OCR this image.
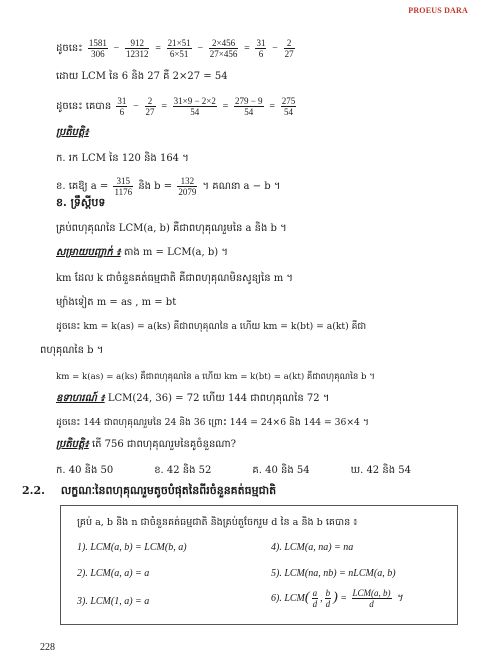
PROEUS DARA
ដូចនេះ $\frac{1581}{306} - \frac{912}{12312} = \frac{21\times 51}{6\times 51} - \frac{2\times 456}{27\times 456} = \frac{31}{6} - \frac{2}{27}$
ដោយ LCM នៃ 6 និង 27 គឺ 2×27 = 54
ដូចនេះ គេបាន $\frac{31}{6} - \frac{2}{27} = \frac{31\times 9 - 2\times 2}{54} = \frac{279 - 9}{54} = \frac{275}{54}$
ប្រតិបត្តិ៖
ក. រក LCM នៃ 120 និង 164 ។
ខ. គេឱ្យ $a = \frac{315}{1176}$ និង $b = \frac{132}{2079}$ ។ គណនា a − b ។
ខ. ទ្រឹស្ដីបទ
គ្រប់ពហុគុណនៃ LCM(a, b) គឺជាពហុគុណរួមនៃ a និង b ។
សម្រាយបញ្ជាក់ ៖ តាង m = LCM(a, b) ។
km ដែល k ជាចំនួនគត់ធម្មជាតិ គឺជាពហុគុណមិនសូន្យនៃ m ។
ម្យ៉ាងទៀត m = as , m = bt
ដូចនេះ km = k(as) = a(ks) គឺជាពហុគុណនៃ a ហើយ km = k(bt) = a(kt) គឺជា
ពហុគុណនៃ b ។
km = k(as) = a(ks) គឺជាពហុគុណនៃ a ហើយ km = k(bt) = a(kt) គឺជាពហុគុណនៃ b ។
ឧទាហរណ៍ ៖ LCM(24, 36) = 72 ហើយ 144 ជាពហុគុណនៃ 72 ។
ដូចនេះ 144 ជាពហុគុណរួមនៃ 24 និង 36 ព្រោះ 144 = 24×6 និង 144 = 36×4 ។
ប្រតិបត្តិ៖ តើ 756 ជាពហុគុណរួមនៃគូចំនួនណា?
ក. 40 និង 50	ខ. 42 និង 52	គ. 40 និង 54	ឃ. 42 និង 54
2.2. លក្ខណៈនៃពហុគុណរួមតូចបំផុតនៃពីរចំនួនគត់ធម្មជាតិ
គ្រប់ a, b និង n ជាចំនួនគត់ធម្មជាតិ និងគ្រប់តួចែករួម d នៃ a និង b គេបាន ៖
1). LCM(a, b) = LCM(b, a)	4). LCM(a, na) = na
2). LCM(a, a) = a	5). LCM(na, nb) = nLCM(a, b)
3). LCM(1, a) = a	6). $LCM( \frac{a}{d}$ , $\frac{b}{d}$ ) = $\frac{\text{LCM(a, b)}}{d}$ ។
228
